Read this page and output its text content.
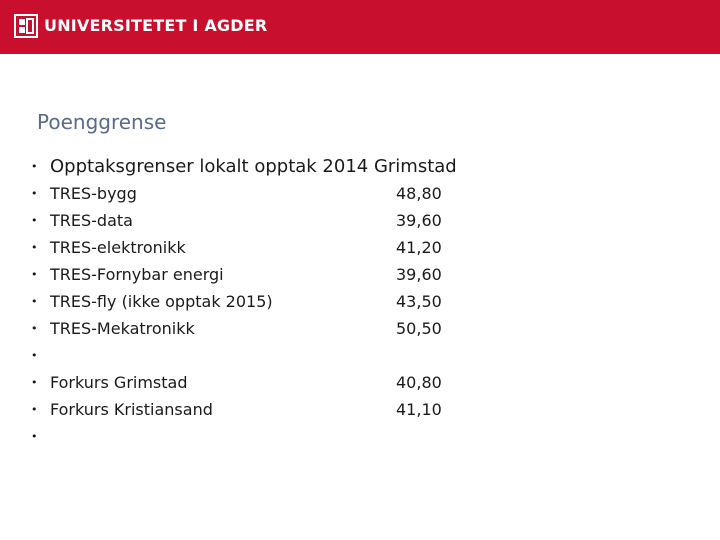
UNIVERSITETET I AGDER
Poenggrense
• Opptaksgrenser lokalt opptak 2014 Grimstad
• TRES-bygg	48,80
• TRES-data	39,60
• TRES-elektronikk	41,20
• TRES-Fornybar energi	39,60
• TRES-fly (ikke opptak 2015)	43,50
• TRES-Mekatronikk	50,50
•
• Forkurs Grimstad	40,80
• Forkurs Kristiansand	41,10
•
